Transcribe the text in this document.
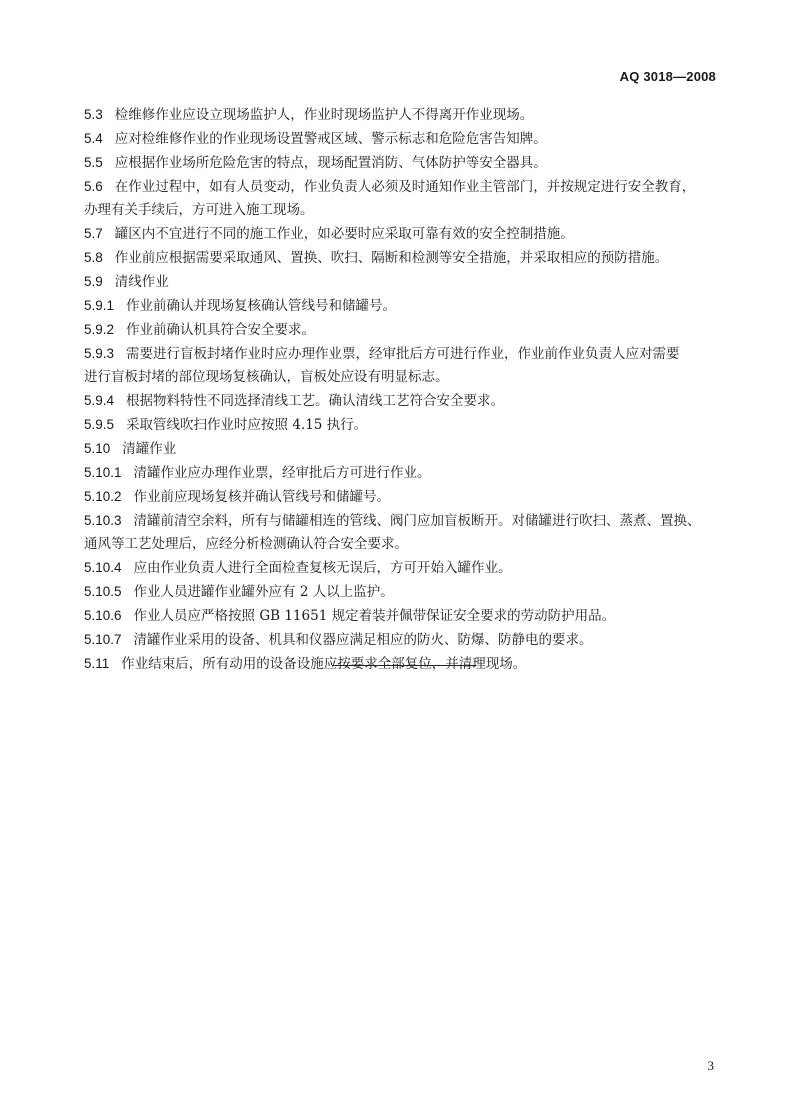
AQ 3018—2008
5.3 检维修作业应设立现场监护人，作业时现场监护人不得离开作业现场。
5.4 应对检维修作业的作业现场设置警戒区域、警示标志和危险危害告知牌。
5.5 应根据作业场所危险危害的特点，现场配置消防、气体防护等安全器具。
5.6 在作业过程中，如有人员变动，作业负责人必须及时通知作业主管部门，并按规定进行安全教育，
办理有关手续后，方可进入施工现场。
5.7 罐区内不宜进行不同的施工作业，如必要时应采取可靠有效的安全控制措施。
5.8 作业前应根据需要采取通风、置换、吹扫、隔断和检测等安全措施，并采取相应的预防措施。
5.9 清线作业
5.9.1 作业前确认并现场复核确认管线号和储罐号。
5.9.2 作业前确认机具符合安全要求。
5.9.3 需要进行盲板封堵作业时应办理作业票，经审批后方可进行作业，作业前作业负责人应对需要
进行盲板封堵的部位现场复核确认，盲板处应设有明显标志。
5.9.4 根据物料特性不同选择清线工艺。确认清线工艺符合安全要求。
5.9.5 采取管线吹扫作业时应按照 4.15 执行。
5.10 清罐作业
5.10.1 清罐作业应办理作业票，经审批后方可进行作业。
5.10.2 作业前应现场复核并确认管线号和储罐号。
5.10.3 清罐前清空余料，所有与储罐相连的管线、阀门应加盲板断开。对储罐进行吹扫、蒸煮、置换、
通风等工艺处理后，应经分析检测确认符合安全要求。
5.10.4 应由作业负责人进行全面检查复核无误后，方可开始入罐作业。
5.10.5 作业人员进罐作业罐外应有 2 人以上监护。
5.10.6 作业人员应严格按照 GB 11651 规定着装并佩带保证安全要求的劳动防护用品。
5.10.7 清罐作业采用的设备、机具和仪器应满足相应的防火、防爆、防静电的要求。
5.11 作业结束后，所有动用的设备设施应按要求全部复位，并清理现场。
3
